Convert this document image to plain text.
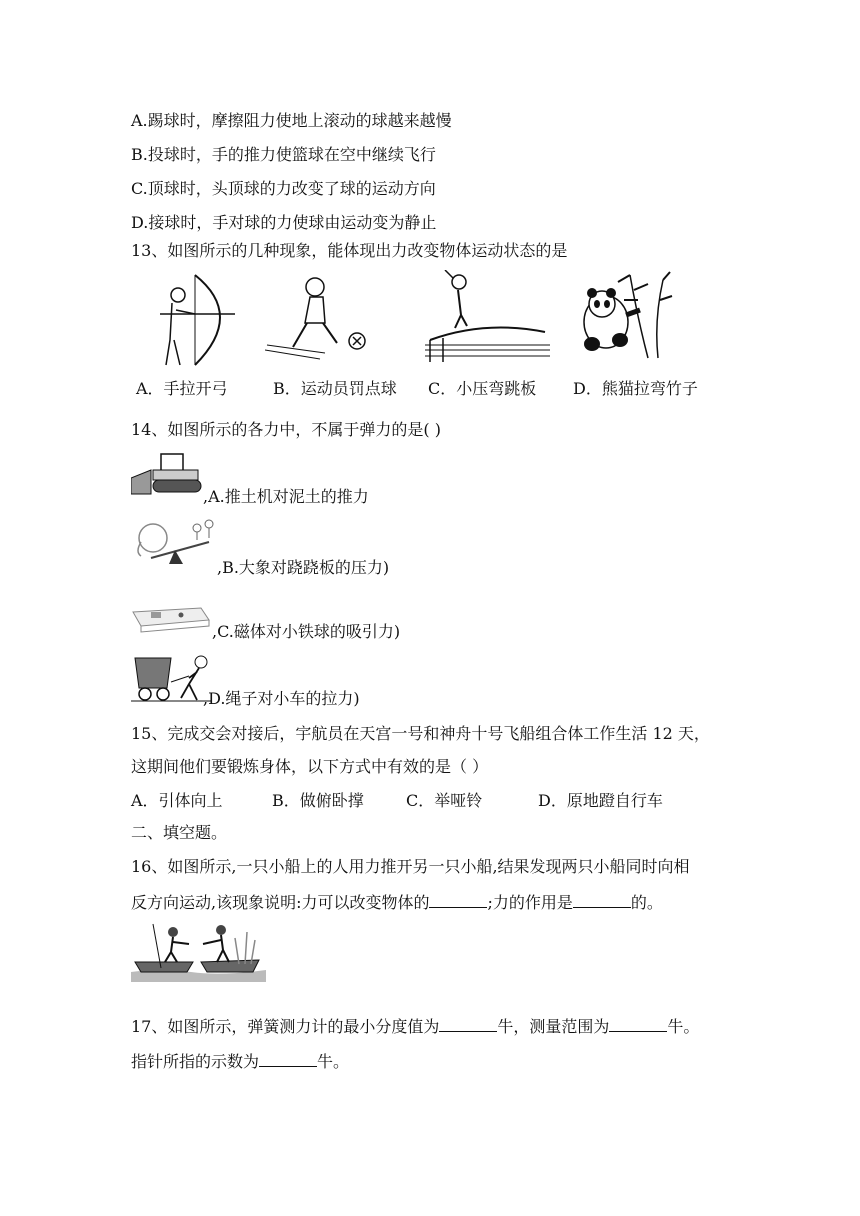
A.踢球时，摩擦阻力使地上滚动的球越来越慢
B.投球时，手的推力使篮球在空中继续飞行
C.顶球时，头顶球的力改变了球的运动方向
D.接球时，手对球的力使球由运动变为静止
13、如图所示的几种现象，能体现出力改变物体运动状态的是
A．手拉开弓	B．运动员罚点球 C．小压弯跳板 D．熊猫拉弯竹子
14、如图所示的各力中，不属于弹力的是( )
,A.推土机对泥土的推力
,B.大象对跷跷板的压力)
,C.磁体对小铁球的吸引力)
,D.绳子对小车的拉力)
15、完成交会对接后，宇航员在天宫一号和神舟十号飞船组合体工作生活 12 天，
这期间他们要锻炼身体，以下方式中有效的是（ ）
A．引体向上	B．做俯卧撑	C．举哑铃	D．原地蹬自行车
二、填空题。
16、如图所示,一只小船上的人用力推开另一只小船,结果发现两只小船同时向相
反方向运动,该现象说明:力可以改变物体的	;力的作用是	的。
17、如图所示，弹簧测力计的最小分度值为	牛，测量范围为	牛。
指针所指的示数为	牛。
